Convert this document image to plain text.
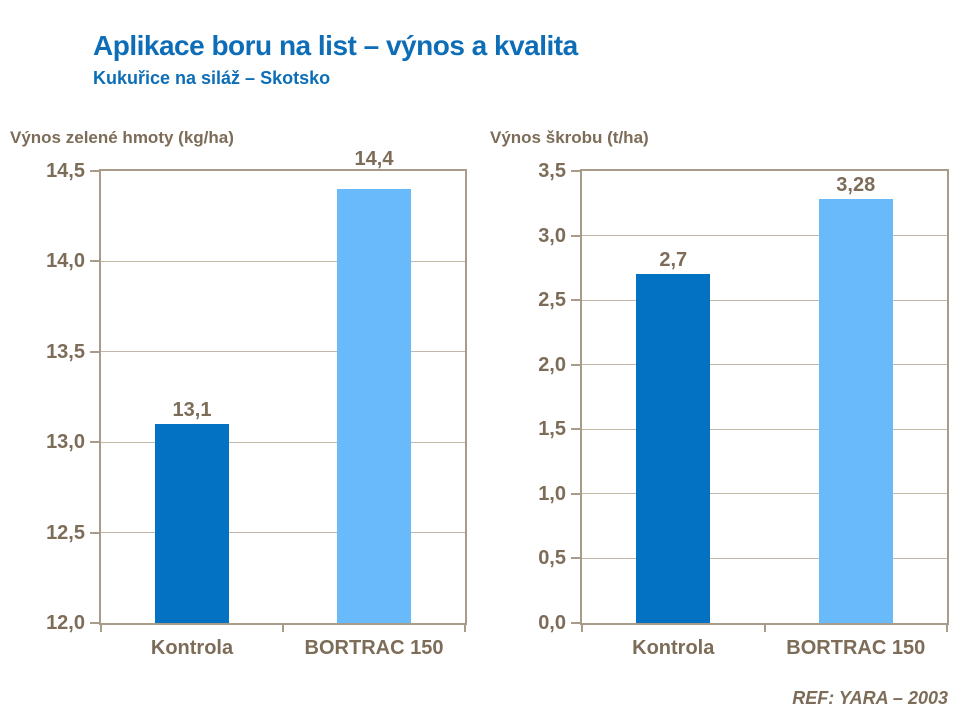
Aplikace boru na list – výnos a kvalita
Kukuřice na siláž – Skotsko
Výnos zelené hmoty (kg/ha)
12,0
12,5
13,0
13,5
14,0
14,5
13,1
Kontrola
14,4
BORTRAC 150
Výnos škrobu (t/ha)
0,0
0,5
1,0
1,5
2,0
2,5
3,0
3,5
2,7
Kontrola
3,28
BORTRAC 150
REF: YARA – 2003
